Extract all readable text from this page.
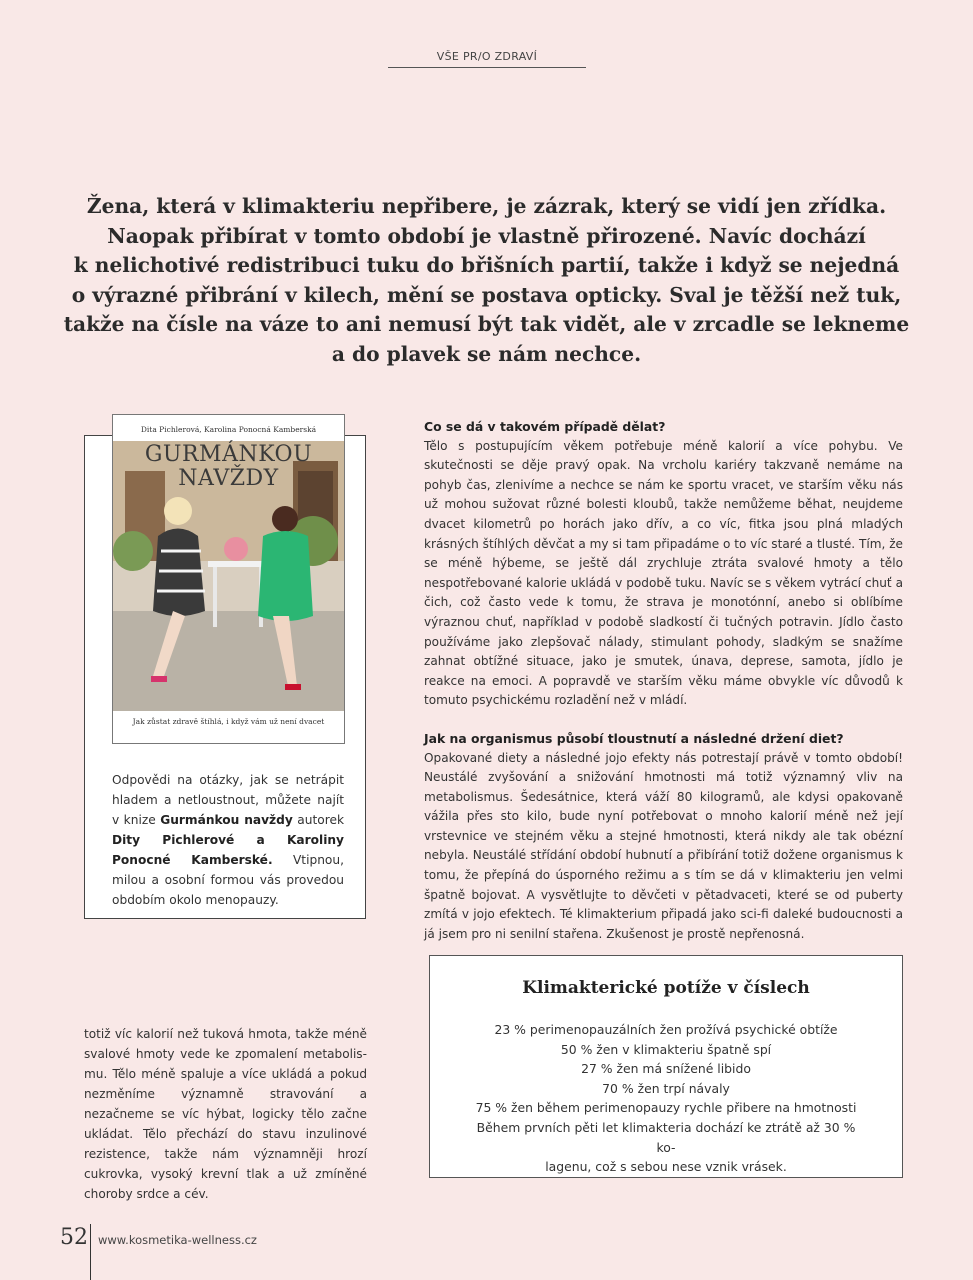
VŠE PR/O ZDRAVÍ
Žena, která v klimakteriu nepřibere, je zázrak, který se vidí jen zřídka.
Naopak přibírat v tomto období je vlastně přirozené. Navíc dochází
k nelichotivé redistribuci tuku do břišních partií, takže i když se nejedná
o výrazné přibrání v kilech, mění se postava opticky. Sval je těžší než tuk,
takže na čísle na váze to ani nemusí být tak vidět, ale v zrcadle se lekneme
a do plavek se nám nechce.
Dita Pichlerová, Karolina Ponocná Kamberská
GURMÁNKOU
NAVŽDY
Jak zůstat zdravě štíhlá, i když vám už není dvacet
Odpovědi na otázky, jak se netrápit hladem a netloustnout, můžete najít v knize Gurmánkou navždy autorek Dity Pichlerové a Karoliny Ponocné Kamberské. Vtipnou, milou a osobní formou vás provedou obdobím okolo menopauzy.
Co se dá v takovém případě dělat?

Tělo s postupujícím věkem potřebuje méně kalorií a více pohybu. Ve skutečnosti se děje pravý opak. Na vrcholu kariéry takzvaně nemáme na pohyb čas, zlenivíme a nechce se nám ke sportu vracet, ve starším věku nás už mohou sužovat různé bolesti kloubů, takže nemůžeme běhat, neujdeme dvacet kilometrů po horách jako dřív, a co víc, fitka jsou plná mladých krásných štíhlých děvčat a my si tam připadáme o to víc staré a tlusté. Tím, že se méně hýbeme, se ještě dál zrychluje ztráta svalové hmoty a tělo nespotřebované kalorie ukládá v podobě tuku. Navíc se s věkem vytrácí chuť a čich, což často vede k tomu, že strava je monotónní, anebo si oblíbíme výraznou chuť, například v podobě sladkostí či tučných potravin. Jídlo často používáme jako zlepšovač nálady, stimulant pohody, sladkým se snažíme zahnat obtížné situace, jako je smutek, únava, deprese, samota, jídlo je reakce na emoci. A popravdě ve starším věku máme obvykle víc důvodů k tomuto psychickému rozladění než v mládí.

Jak na organismus působí tloustnutí a následné držení diet?

Opakované diety a následné jojo efekty nás potrestají právě v tomto období! Neustálé zvyšování a snižování hmotnosti má totiž významný vliv na metabolismus. Šedesátnice, která váží 80 kilogramů, ale kdysi opakovaně vážila přes sto kilo, bude nyní potřebovat o mnoho kalorií méně než její vrstevnice ve stejném věku a stejné hmotnosti, která nikdy ale tak obézní nebyla. Neustálé střídání období hubnutí a přibírání totiž dožene organismus k tomu, že přepíná do úsporného režimu a s tím se dá v klimakteriu jen velmi špatně bojovat. A vysvětlujte to děvčeti v pětadvaceti, které se od puberty zmítá v jojo efektech. Té klimakterium připadá jako sci-fi daleké budoucnosti a já jsem pro ni senilní stařena. Zkušenost je prostě nepřenosná.

totiž víc kalorií než tuková hmota, takže méně svalové hmoty vede ke zpomalení metabolismu. Tělo méně spaluje a více ukládá a pokud nezměníme významně stravování a nezačneme se víc hýbat, logicky tělo začne ukládat. Tělo přechází do stavu inzulinové rezistence, takže nám významněji hrozí cukrovka, vysoký krevní tlak a už zmíněné choroby srdce a cév.
Klimakterické potíže v číslech
23 % perimenopauzálních žen prožívá psychické obtíže
50 % žen v klimakteriu špatně spí
27 % žen má snížené libido
70 % žen trpí návaly
75 % žen během perimenopauzy rychle přibere na hmotnosti
Během prvních pěti let klimakteria dochází ke ztrátě až 30 % ko-
lagenu, což s sebou nese vznik vrásek.
52 www.kosmetika-wellness.cz
